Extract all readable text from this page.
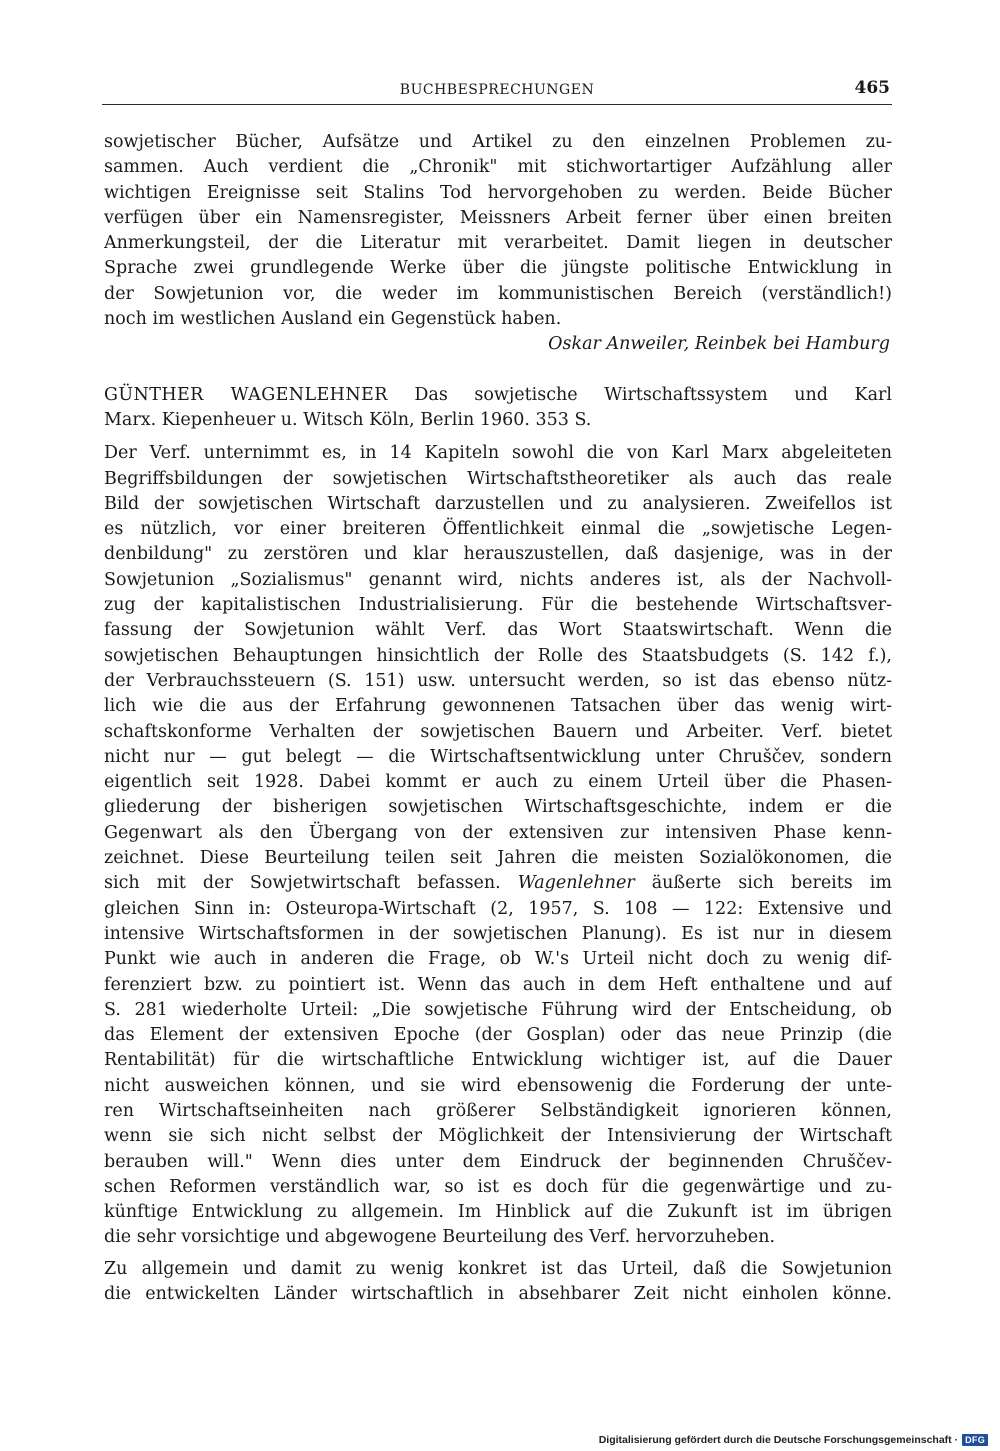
BUCHBESPRECHUNGEN	465
sowjetischer Bücher, Aufsätze und Artikel zu den einzelnen Problemen zu-
sammen. Auch verdient die „Chronik" mit stichwortartiger Aufzählung aller
wichtigen Ereignisse seit Stalins Tod hervorgehoben zu werden. Beide Bücher
verfügen über ein Namensregister, Meissners Arbeit ferner über einen breiten
Anmerkungsteil, der die Literatur mit verarbeitet. Damit liegen in deutscher
Sprache zwei grundlegende Werke über die jüngste politische Entwicklung in
der Sowjetunion vor, die weder im kommunistischen Bereich (verständlich!)
noch im westlichen Ausland ein Gegenstück haben.
Oskar Anweiler, Reinbek bei Hamburg
GÜNTHER WAGENLEHNER Das sowjetische Wirtschaftssystem und Karl
Marx. Kiepenheuer u. Witsch Köln, Berlin 1960. 353 S.
Der Verf. unternimmt es, in 14 Kapiteln sowohl die von Karl Marx abgeleiteten
Begriffsbildungen der sowjetischen Wirtschaftstheoretiker als auch das reale
Bild der sowjetischen Wirtschaft darzustellen und zu analysieren. Zweifellos ist
es nützlich, vor einer breiteren Öffentlichkeit einmal die „sowjetische Legen-
denbildung" zu zerstören und klar herauszustellen, daß dasjenige, was in der
Sowjetunion „Sozialismus" genannt wird, nichts anderes ist, als der Nachvoll-
zug der kapitalistischen Industrialisierung. Für die bestehende Wirtschaftsver-
fassung der Sowjetunion wählt Verf. das Wort Staatswirtschaft. Wenn die
sowjetischen Behauptungen hinsichtlich der Rolle des Staatsbudgets (S. 142 f.),
der Verbrauchssteuern (S. 151) usw. untersucht werden, so ist das ebenso nütz-
lich wie die aus der Erfahrung gewonnenen Tatsachen über das wenig wirt-
schaftskonforme Verhalten der sowjetischen Bauern und Arbeiter. Verf. bietet
nicht nur — gut belegt — die Wirtschaftsentwicklung unter Chruščev, sondern
eigentlich seit 1928. Dabei kommt er auch zu einem Urteil über die Phasen-
gliederung der bisherigen sowjetischen Wirtschaftsgeschichte, indem er die
Gegenwart als den Übergang von der extensiven zur intensiven Phase kenn-
zeichnet. Diese Beurteilung teilen seit Jahren die meisten Sozialökonomen, die
sich mit der Sowjetwirtschaft befassen. Wagenlehner äußerte sich bereits im
gleichen Sinn in: Osteuropa-Wirtschaft (2, 1957, S. 108 — 122: Extensive und
intensive Wirtschaftsformen in der sowjetischen Planung). Es ist nur in diesem
Punkt wie auch in anderen die Frage, ob W.'s Urteil nicht doch zu wenig dif-
ferenziert bzw. zu pointiert ist. Wenn das auch in dem Heft enthaltene und auf
S. 281 wiederholte Urteil: „Die sowjetische Führung wird der Entscheidung, ob
das Element der extensiven Epoche (der Gosplan) oder das neue Prinzip (die
Rentabilität) für die wirtschaftliche Entwicklung wichtiger ist, auf die Dauer
nicht ausweichen können, und sie wird ebensowenig die Forderung der unte-
ren Wirtschaftseinheiten nach größerer Selbständigkeit ignorieren können,
wenn sie sich nicht selbst der Möglichkeit der Intensivierung der Wirtschaft
berauben will." Wenn dies unter dem Eindruck der beginnenden Chruščev-
schen Reformen verständlich war, so ist es doch für die gegenwärtige und zu-
künftige Entwicklung zu allgemein. Im Hinblick auf die Zukunft ist im übrigen
die sehr vorsichtige und abgewogene Beurteilung des Verf. hervorzuheben.
Zu allgemein und damit zu wenig konkret ist das Urteil, daß die Sowjetunion
die entwickelten Länder wirtschaftlich in absehbarer Zeit nicht einholen könne.
Digitalisierung gefördert durch die Deutsche Forschungsgemeinschaft · DFG
